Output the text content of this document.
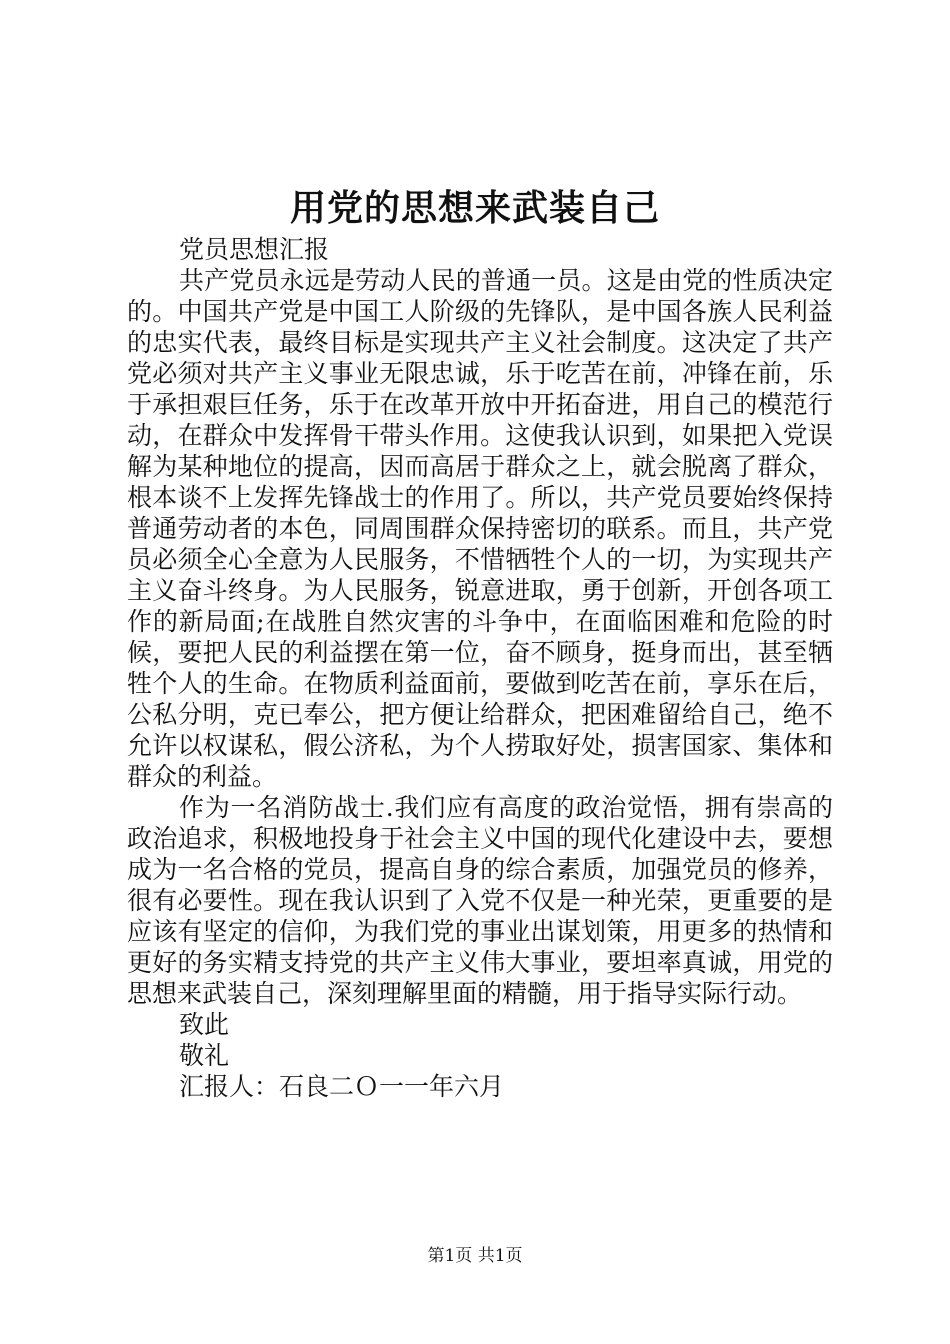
用党的思想来武装自己

党员思想汇报

共产党员永远是劳动人民的普通一员。这是由党的性质决定的。中国共产党是中国工人阶级的先锋队，是中国各族人民利益的忠实代表，最终目标是实现共产主义社会制度。这决定了共产党必须对共产主义事业无限忠诚，乐于吃苦在前，冲锋在前，乐于承担艰巨任务，乐于在改革开放中开拓奋进，用自己的模范行动，在群众中发挥骨干带头作用。这使我认识到，如果把入党误解为某种地位的提高，因而高居于群众之上，就会脱离了群众，根本谈不上发挥先锋战士的作用了。所以，共产党员要始终保持普通劳动者的本色，同周围群众保持密切的联系。而且，共产党员必须全心全意为人民服务，不惜牺牲个人的一切，为实现共产主义奋斗终身。为人民服务，锐意进取，勇于创新，开创各项工作的新局面;在战胜自然灾害的斗争中，在面临困难和危险的时候，要把人民的利益摆在第一位，奋不顾身，挺身而出，甚至牺牲个人的生命。在物质利益面前，要做到吃苦在前，享乐在后，公私分明，克已奉公，把方便让给群众，把困难留给自己，绝不允许以权谋私，假公济私，为个人捞取好处，损害国家、集体和群众的利益。

作为一名消防战士.我们应有高度的政治觉悟，拥有崇高的政治追求，积极地投身于社会主义中国的现代化建设中去，要想成为一名合格的党员，提高自身的综合素质，加强党员的修养，很有必要性。现在我认识到了入党不仅是一种光荣，更重要的是应该有坚定的信仰，为我们党的事业出谋划策，用更多的热情和更好的务实精支持党的共产主义伟大事业，要坦率真诚，用党的思想来武装自己，深刻理解里面的精髓，用于指导实际行动。

致此

敬礼

汇报人：石良二Ｏ一一年六月

第1页 共1页
